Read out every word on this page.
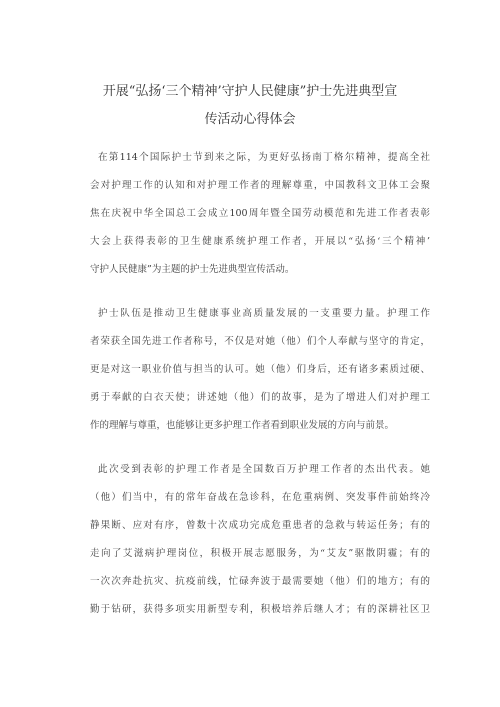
开展“弘扬‘三个精神’守护人民健康”护士先进典型宣
传活动心得体会
在第114个国际护士节到来之际，为更好弘扬南丁格尔精神，提高全社
会对护理工作的认知和对护理工作者的理解尊重，中国教科文卫体工会聚
焦在庆祝中华全国总工会成立100周年暨全国劳动模范和先进工作者表彰
大会上获得表彰的卫生健康系统护理工作者，开展以“弘扬‘三个精神’
守护人民健康”为主题的护士先进典型宣传活动。
护士队伍是推动卫生健康事业高质量发展的一支重要力量。护理工作
者荣获全国先进工作者称号，不仅是对她（他）们个人奉献与坚守的肯定，
更是对这一职业价值与担当的认可。她（他）们身后，还有诸多素质过硬、
勇于奉献的白衣天使；讲述她（他）们的故事，是为了增进人们对护理工
作的理解与尊重，也能够让更多护理工作者看到职业发展的方向与前景。
此次受到表彰的护理工作者是全国数百万护理工作者的杰出代表。她
（他）们当中，有的常年奋战在急诊科，在危重病例、突发事件前始终冷
静果断、应对有序，曾数十次成功完成危重患者的急救与转运任务；有的
走向了艾滋病护理岗位，积极开展志愿服务，为“艾友”驱散阴霾；有的
一次次奔赴抗灾、抗疫前线，忙碌奔波于最需要她（他）们的地方；有的
勤于钻研，获得多项实用新型专利，积极培养后继人才；有的深耕社区卫
